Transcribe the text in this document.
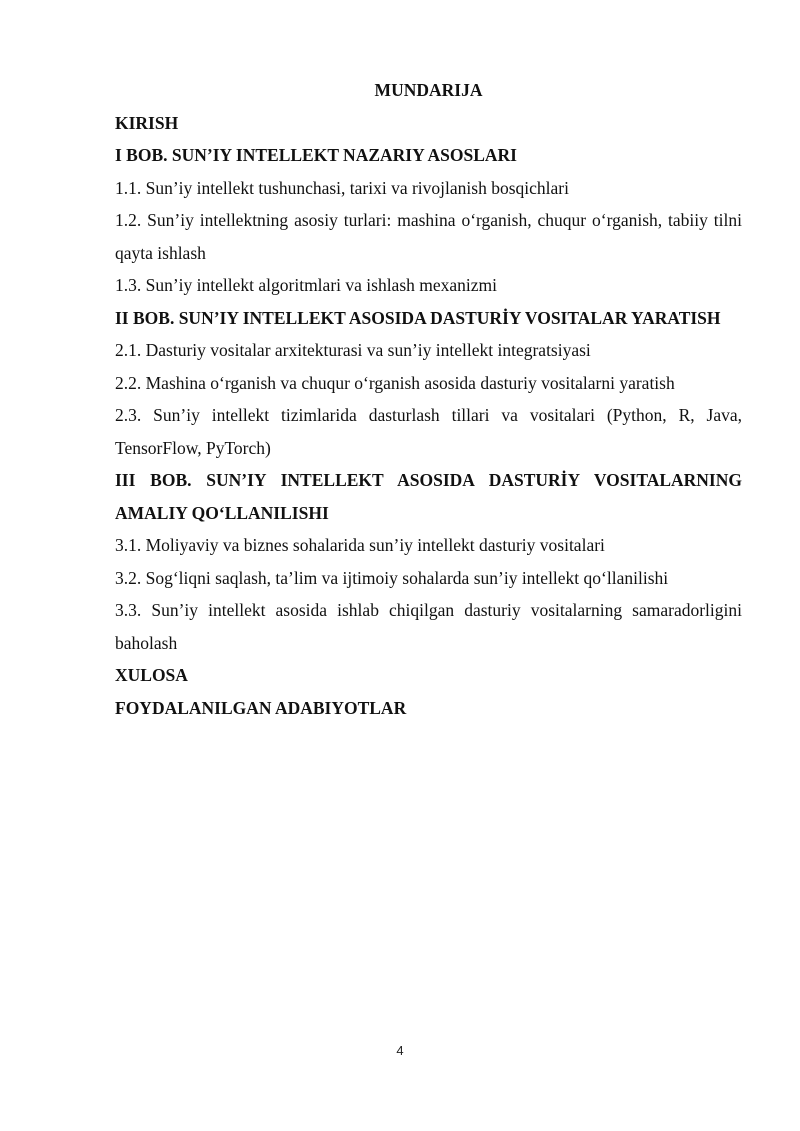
MUNDARIJA

KIRISH

I BOB. SUN’IY INTELLEKT NAZARIY ASOSLARI

1.1. Sun’iy intellekt tushunchasi, tarixi va rivojlanish bosqichlari

1.2. Sun’iy intellektning asosiy turlari: mashina o‘rganish, chuqur o‘rganish, tabiiy tilni qayta ishlash

1.3. Sun’iy intellekt algoritmlari va ishlash mexanizmi

II BOB. SUN’IY INTELLEKT ASOSIDA DASTURİY VOSITALAR YARATISH

2.1. Dasturiy vositalar arxitekturasi va sun’iy intellekt integratsiyasi

2.2. Mashina o‘rganish va chuqur o‘rganish asosida dasturiy vositalarni yaratish

2.3. Sun’iy intellekt tizimlarida dasturlash tillari va vositalari (Python, R, Java, TensorFlow, PyTorch)

III BOB. SUN’IY INTELLEKT ASOSIDA DASTURİY VOSITALARNING AMALIY QO‘LLANILISHI

3.1. Moliyaviy va biznes sohalarida sun’iy intellekt dasturiy vositalari

3.2. Sog‘liqni saqlash, ta’lim va ijtimoiy sohalarda sun’iy intellekt qo‘llanilishi

3.3. Sun’iy intellekt asosida ishlab chiqilgan dasturiy vositalarning samaradorligini baholash

XULOSA

FOYDALANILGAN ADABIYOTLAR

4
